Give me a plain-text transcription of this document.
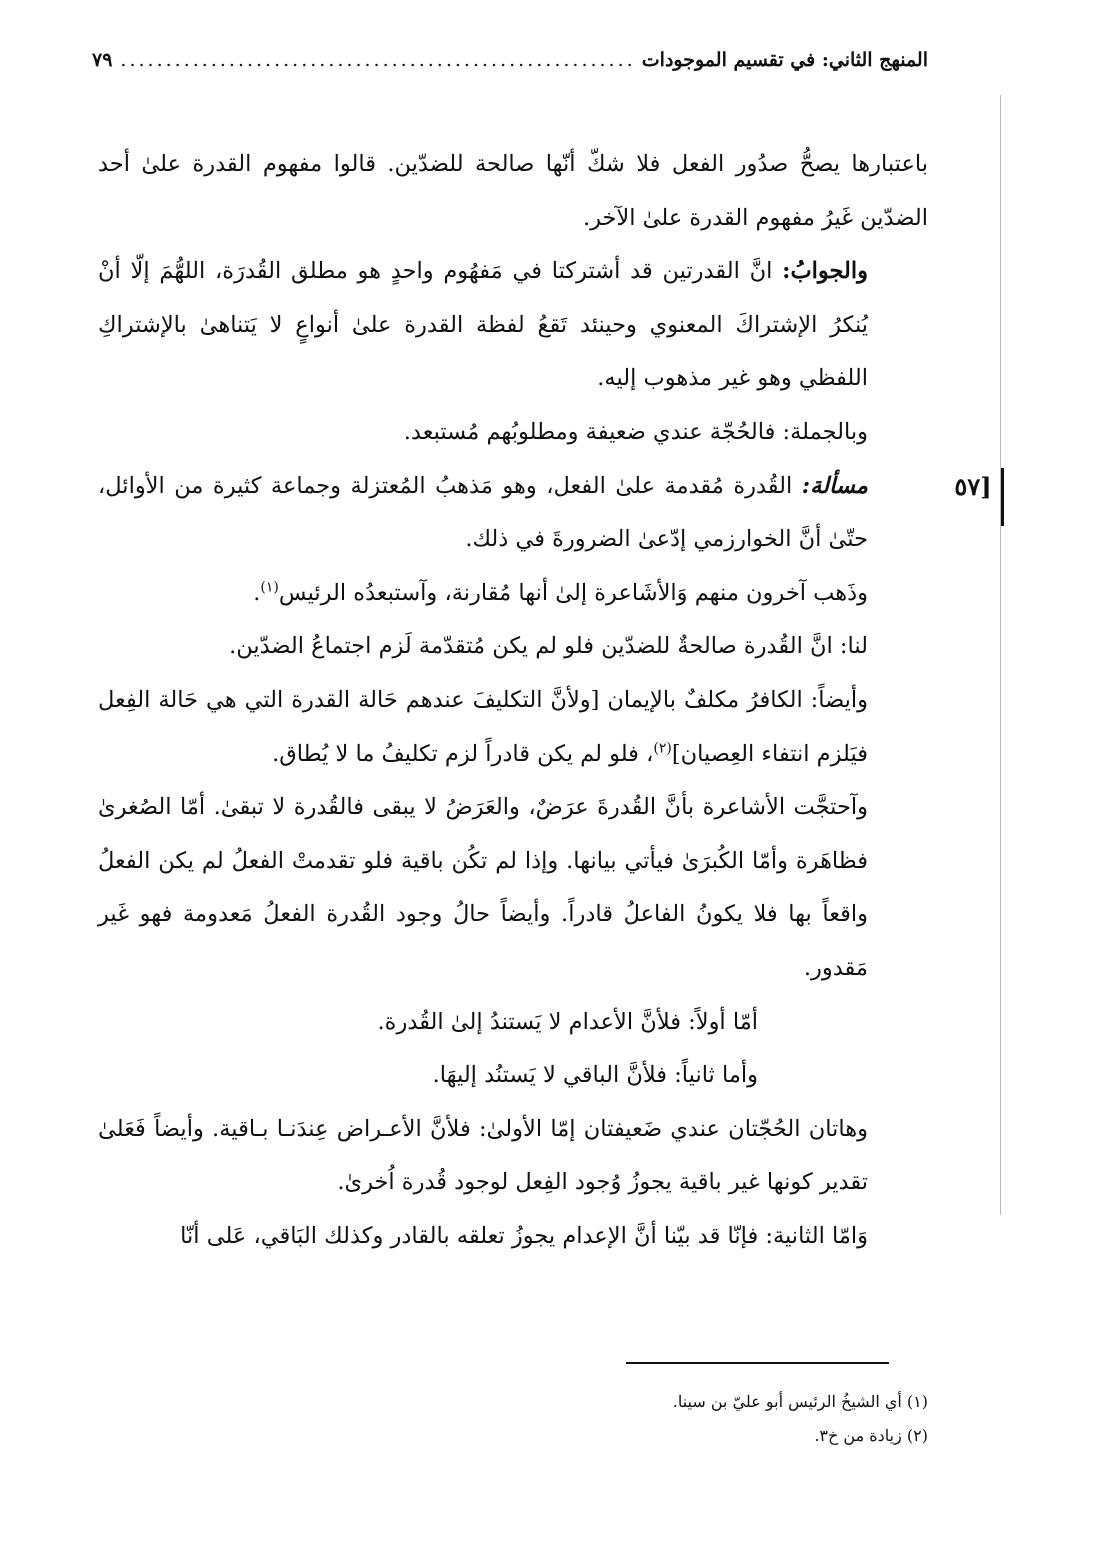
المنهج الثاني: في تقسيم الموجودات
.....
٧٩
[٥٧

باعتبارها يصحُّ صدُور الفعل فلا شكّ أنّها صالحة للضدّين. قالوا مفهوم القدرة علىٰ أحد الضدّين غَيرُ مفهوم القدرة علىٰ الآخر.

والجوابُ: انَّ القدرتين قد أشتركتا في مَفهُوم واحدٍ هو مطلق القُدرَة، اللهُّمَ إلّا أنْ يُنكرُ الإشتراكَ المعنوي وحينئد تَقعُ لفظة القدرة علىٰ أنواعٍ لا يَتناهىٰ بالإشتراكِ اللفظي وهو غير مذهوب إليه.

وبالجملة: فالحُجّة عندي ضعيفة ومطلوبُهم مُستبعد.

مسألة: القُدرة مُقدمة علىٰ الفعل، وهو مَذهبُ المُعتزلة وجماعة كثيرة من الأوائل، حتّىٰ أنَّ الخوارزمي إدّعىٰ الضرورةَ في ذلك.

وذَهب آخرون منهم وَالأشَاعرة إلىٰ أنها مُقارنة، وآستبعدُه الرئيس$^{(١)}$.

لنا: انَّ القُدرة صالحةٌ للضدّين فلو لم يكن مُتقدّمة لَزم اجتماعُ الضدّين.

وأيضاً: الكافرُ مكلفٌ بالإيمان [ولأنَّ التكليفَ عندهم حَالة القدرة التي هي حَالة الفِعل فيَلزم انتفاء العِصيان]$^{(٢)}$، فلو لم يكن قادراً لزم تكليفُ ما لا يُطاق.

وآحتجَّت الأشاعرة بأنَّ القُدرةَ عرَضٌ، والعَرَضُ لا يبقى فالقُدرة لا تبقىٰ. أمّا الصُغرىٰ فظاهَرة وأمّا الكُبرَىٰ فيأتي بيانها. وإذا لم تكُن باقية فلو تقدمتْ الفعلُ لم يكن الفعلُ واقعاً بها فلا يكونُ الفاعلُ قادراً. وأيضاً حالُ وجود القُدرة الفعلُ مَعدومة فهو غَير مَقدور.

أمّا أولاً: فلأنَّ الأعدام لا يَستندُ إلىٰ القُدرة.

وأما ثانياً: فلأنَّ الباقي لا يَستنُد إليهَا.

وهاتان الحُجّتان عندي ضَعيفتان إمّا الأولىٰ: فلأنَّ الأعـراض عِندَنـا بـاقية. وأيضاً فَعَلىٰ تقدير كونها غير باقية يجوزُ وُجود الفِعل لوجود قُدرة اُخرىٰ.

وَامّا الثانية: فإنّا قد بيّنا أنَّ الإعدام يجوزُ تعلقه بالقادر وكذلك البَاقي، عَلى أنّا

(١) أي الشيخُ الرئيس أبو عليّ بن سينا.

(٢) زيادة من خ٣.
